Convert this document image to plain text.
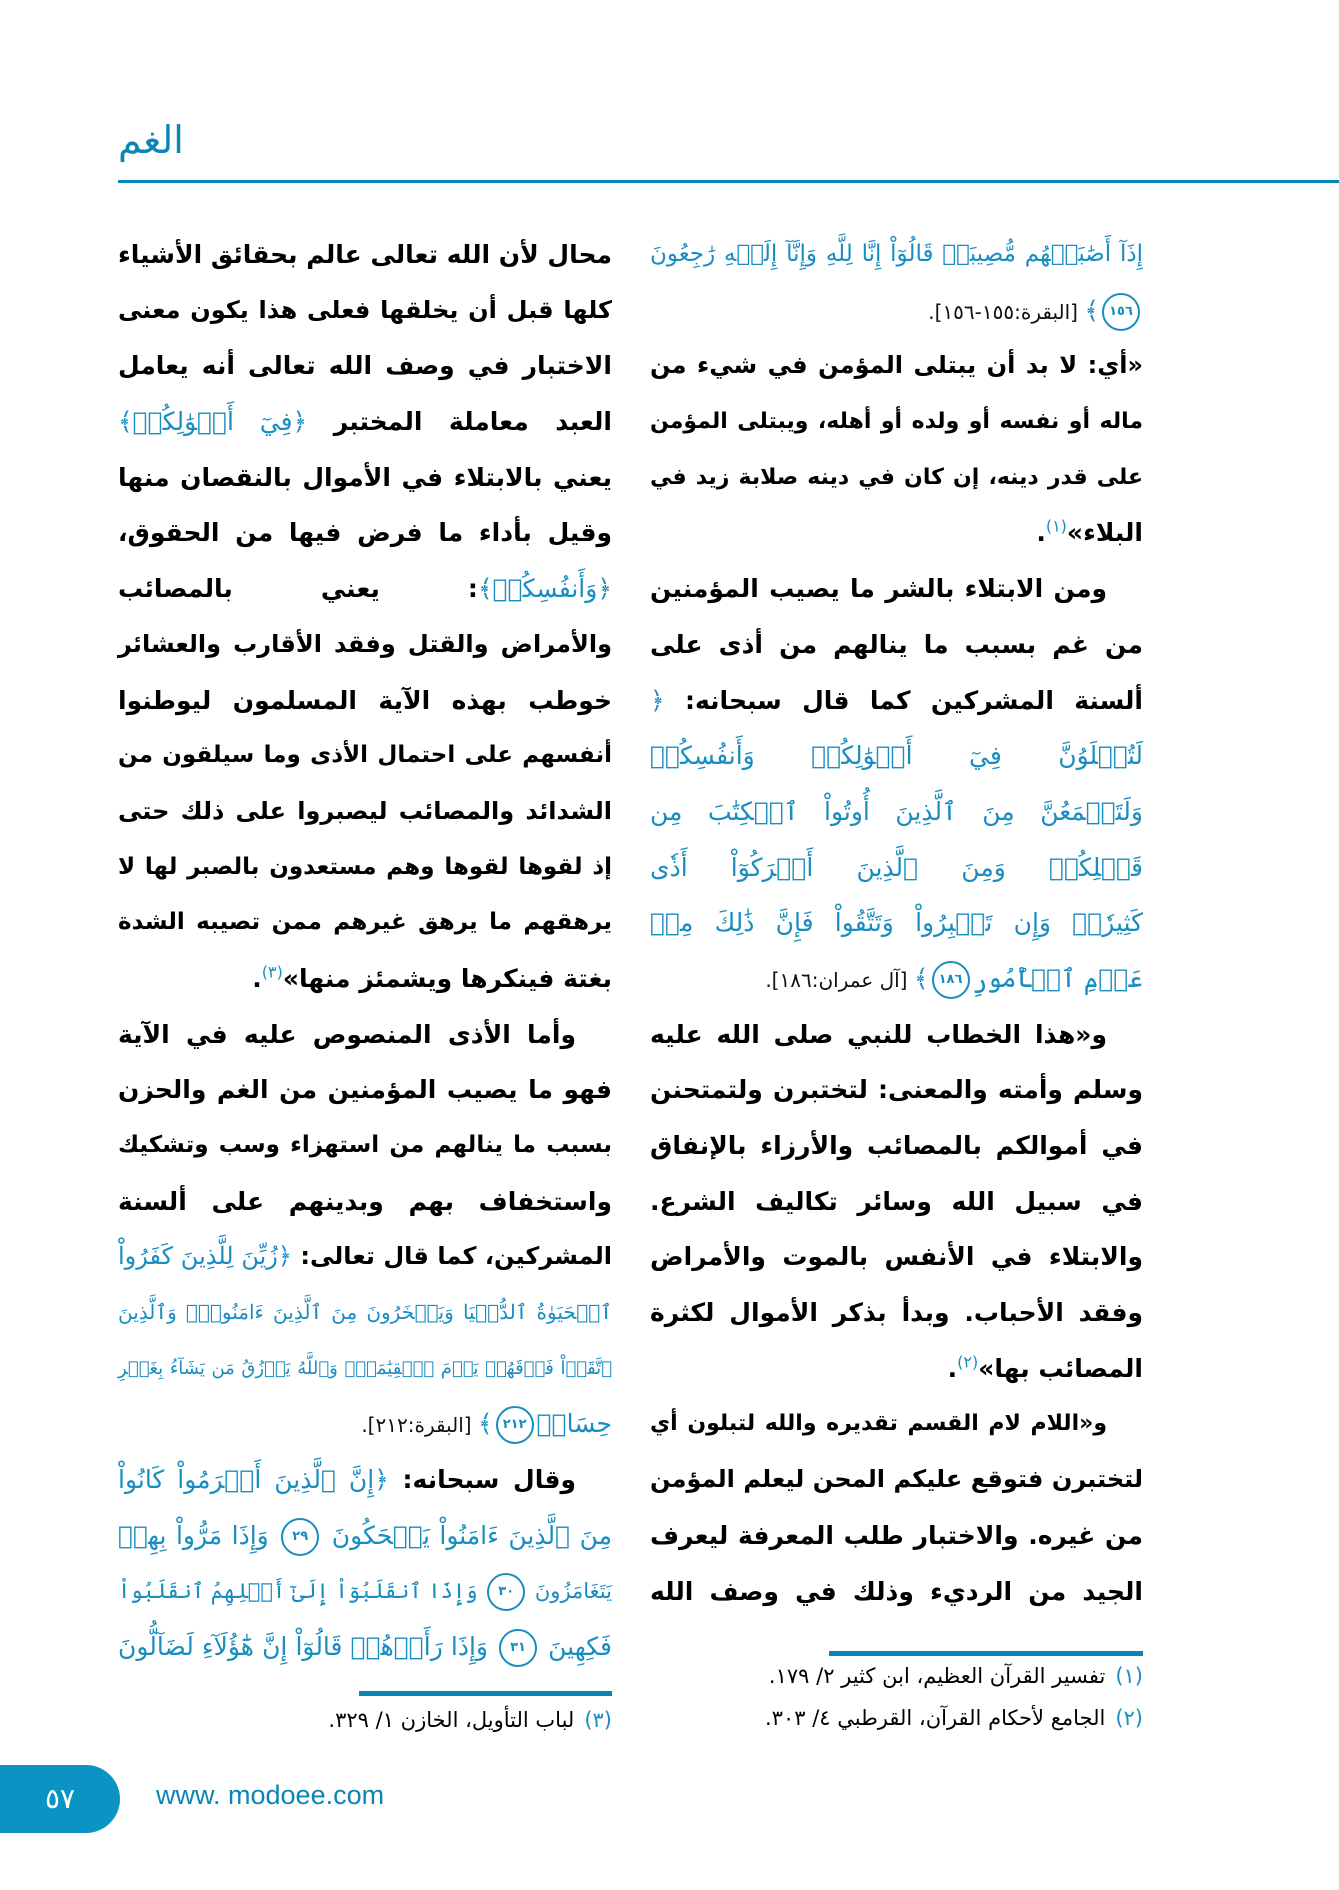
الغم
إِذَآ أَصَٰبَتۡهُم مُّصِيبَةٞ قَالُوٓاْ إِنَّا لِلَّهِ وَإِنَّآ إِلَيۡهِ رَٰجِعُونَ
١٥٦﴾ [البقرة:١٥٥-١٥٦].
«أي: لا بد أن يبتلى المؤمن في شيء من
ماله أو نفسه أو ولده أو أهله، ويبتلى المؤمن
على قدر دينه، إن كان في دينه صلابة زيد في
البلاء»$^{(١)}$.
ومن الابتلاء بالشر ما يصيب المؤمنين
من غم بسبب ما ينالهم من أذى على
ألسنة المشركين كما قال سبحانه: ﴿
لَتُبۡلَوُنَّ فِيٓ أَمۡوَٰلِكُمۡ وَأَنفُسِكُمۡ
وَلَتَسۡمَعُنَّ مِنَ ٱلَّذِينَ أُوتُواْ ٱلۡكِتَٰبَ مِن
قَبۡلِكُمۡ وَمِنَ ٱلَّذِينَ أَشۡرَكُوٓاْ أَذٗى
كَثِيرٗاۚ وَإِن تَصۡبِرُواْ وَتَتَّقُواْ فَإِنَّ ذَٰلِكَ مِنۡ
عَزۡمِ ٱلۡأُمُورِ١٨٦﴾ [آل عمران:١٨٦].
و«هذا الخطاب للنبي صلى الله عليه
وسلم وأمته والمعنى: لتختبرن ولتمتحنن
في أموالكم بالمصائب والأرزاء بالإنفاق
في سبيل الله وسائر تكاليف الشرع.
والابتلاء في الأنفس بالموت والأمراض
وفقد الأحباب. وبدأ بذكر الأموال لكثرة
المصائب بها»$^{(٢)}$.
و«اللام لام القسم تقديره والله لتبلون أي
لتختبرن فتوقع عليكم المحن ليعلم المؤمن
من غيره. والاختبار طلب المعرفة ليعرف
الجيد من الرديء وذلك في وصف الله
محال لأن الله تعالى عالم بحقائق الأشياء
كلها قبل أن يخلقها فعلى هذا يكون معنى
الاختبار في وصف الله تعالى أنه يعامل
العبد معاملة المختبر ﴿فِيٓ أَمۡوَٰلِكُمۡ﴾
يعني بالابتلاء في الأموال بالنقصان منها
وقيل بأداء ما فرض فيها من الحقوق،
﴿وَأَنفُسِكُمۡ﴾: يعني بالمصائب
والأمراض والقتل وفقد الأقارب والعشائر
خوطب بهذه الآية المسلمون ليوطنوا
أنفسهم على احتمال الأذى وما سيلقون من
الشدائد والمصائب ليصبروا على ذلك حتى
إذ لقوها لقوها وهم مستعدون بالصبر لها لا
يرهقهم ما يرهق غيرهم ممن تصيبه الشدة
بغتة فينكرها ويشمئز منها»$^{(٣)}$.
وأما الأذى المنصوص عليه في الآية
فهو ما يصيب المؤمنين من الغم والحزن
بسبب ما ينالهم من استهزاء وسب وتشكيك
واستخفاف بهم وبدينهم على ألسنة
المشركين، كما قال تعالى: ﴿زُيِّنَ لِلَّذِينَ كَفَرُواْ
ٱلۡحَيَوٰةُ ٱلدُّنۡيَا وَيَسۡخَرُونَ مِنَ ٱلَّذِينَ ءَامَنُواْۘ وَٱلَّذِينَ
ٱتَّقَوۡاْ فَوۡقَهُمۡ يَوۡمَ ٱلۡقِيَٰمَةِۗ وَٱللَّهُ يَرۡزُقُ مَن يَشَآءُ بِغَيۡرِ
حِسَابٖ٢١٢﴾ [البقرة:٢١٢].
وقال سبحانه: ﴿إِنَّ ٱلَّذِينَ أَجۡرَمُواْ كَانُواْ
مِنَ ٱلَّذِينَ ءَامَنُواْ يَضۡحَكُونَ ٢٩ وَإِذَا مَرُّواْ بِهِمۡ
يَتَغَامَزُونَ ٣٠ وَإِذَا ٱنقَلَبُوٓاْ إِلَىٰٓ أَهۡلِهِمُ ٱنقَلَبُواْ
فَكِهِينَ ٣١ وَإِذَا رَأَوۡهُمۡ قَالُوٓاْ إِنَّ هَٰٓؤُلَآءِ لَضَآلُّونَ
(١)تفسير القرآن العظيم، ابن كثير ٢/ ١٧٩.
(٢)الجامع لأحكام القرآن، القرطبي ٤/ ٣٠٣.
(٣)لباب التأويل، الخازن ١/ ٣٢٩.
٥٧	www. modoee.com
